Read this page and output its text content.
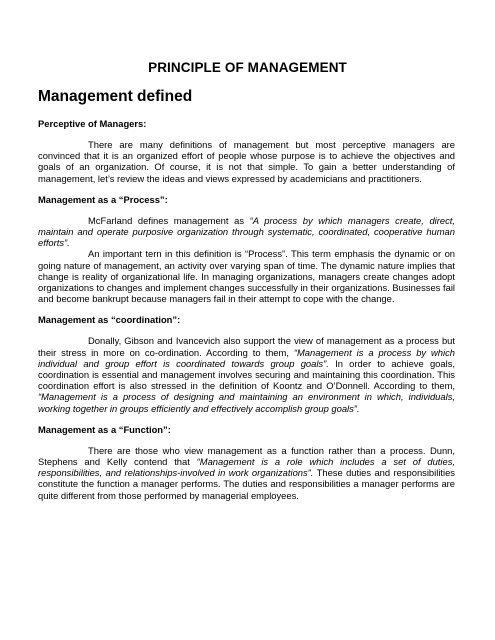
PRINCIPLE OF MANAGEMENT
Management defined

Perceptive of Managers:

There are many definitions of management but most perceptive managers are convinced that it is an organized effort of people whose purpose is to achieve the objectives and goals of an organization. Of course, it is not that simple. To gain a better understanding of management, let’s review the ideas and views expressed by academicians and practitioners.

Management as a “Process”:

McFarland defines management as “A process by which managers create, direct, maintain and operate purposive organization through systematic, coordinated, cooperative human efforts”.

An important tern in this definition is “Process”. This term emphasis the dynamic or on going nature of management, an activity over varying span of time. The dynamic nature implies that change is reality of organizational life. In managing organizations, managers create changes adopt organizations to changes and implement changes successfully in their organizations. Businesses fail and become bankrupt because managers fail in their attempt to cope with the change.

Management as “coordination”:

Donally, Gibson and Ivancevich also support the view of management as a process but their stress in more on co-ordination. According to them, “Management is a process by which individual and group effort is coordinated towards group goals”. In order to achieve goals, coordination is essential and management involves securing and maintaining this coordination. This coordination effort is also stressed in the definition of Koontz and O’Donnell. According to them, “Management is a process of designing and maintaining an environment in which, individuals, working together in groups efficiently and effectively accomplish group goals”.

Management as a “Function”:

There are those who view management as a function rather than a process. Dunn, Stephens and Kelly contend that “Management is a role which includes a set of duties, responsibilities, and relationships-involved in work organizations”. These duties and responsibilities constitute the function a manager performs. The duties and responsibilities a manager performs are quite different from those performed by managerial employees.
